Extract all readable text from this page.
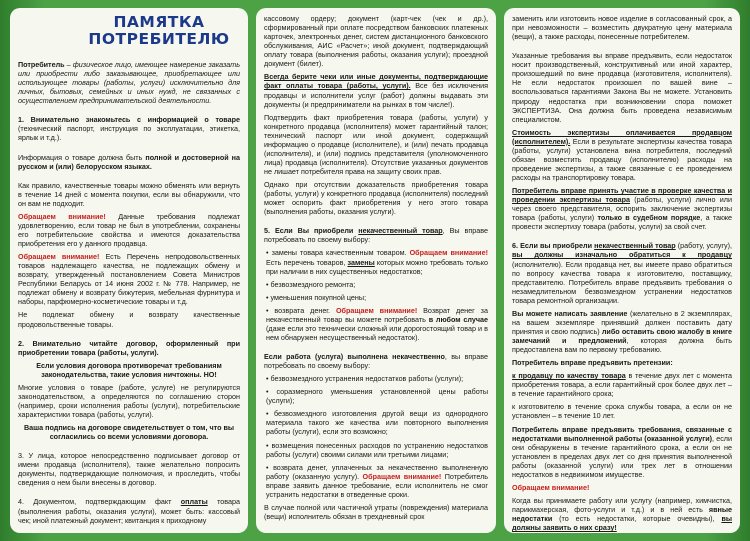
ПАМЯТКА
ПОТРЕБИТЕЛЮ

Потребитель – физическое лицо, имеющее намерение заказать или приобрести либо заказывающее, приобретающее или использующее товары (работы, услуги) исключительно для личных, бытовых, семейных и иных нужд, не связанных с осуществлением предпринимательской деятельности.

1. Внимательно знакомьтесь с информацией о товаре (технический паспорт, инструкция по эксплуатации, этикетка, ярлык и т.д.).

Информация о товаре должна быть полной и достоверной на русском и (или) белорусском языках.

Как правило, качественные товары можно обменять или вернуть в течение 14 дней с момента покупки, если вы обнаружили, что он вам не подходит.

Обращаем внимание! Данные требования подлежат удовлетворению, если товар не был в употреблении, сохранены его потребительские свойства и имеются доказательства приобретения его у данного продавца.

Обращаем внимание! Есть Перечень непродовольственных товаров надлежащего качества, не подлежащих обмену и возврату, утвержденный постановлением Совета Министров Республики Беларусь от 14 июня 2002 г. № 778. Например, не подлежат обмену и возврату бижутерия, мебельная фурнитура и наборы, парфюмерно-косметические товары и т.д.

Не подлежат обмену и возврату качественные продовольственные товары.

2. Внимательно читайте договор, оформленный при приобретении товара (работы, услуги).

Если условия договора противоречат требованиям законодательства, такие условия ничтожны. НО!

Многие условия о товаре (работе, услуге) не регулируются законодательством, а определяются по соглашению сторон (например, сроки исполнения работы (услуги), потребительские характеристики товара (работы, услуги).

Ваша подпись на договоре свидетельствует о том, что вы согласились со всеми условиями договора.

3. У лица, которое непосредственно подписывает договор от имени продавца (исполнителя), также желательно попросить документы, подтверждающие полномочия, и проследить, чтобы сведения о нем были внесены в договор.

4. Документом, подтверждающим факт оплаты товара (выполнения работы, оказания услуги), может быть: кассовый чек; иной платежный документ; квитанция к приходному

кассовому ордеру; документ (карт-чек (чек и др.), сформированный при оплате посредством банковских платежных карточек, электронных денег, систем дистанционного банковского обслуживания, АИС «Расчет»; иной документ, подтверждающий оплату товара (выполнения работы, оказания услуги); проездной документ (билет).

Всегда берите чеки или иные документы, подтверждающие факт оплаты товара (работы, услуги). Все без исключения продавцы и исполнители услуг (работ) должны выдавать эти документы (и предприниматели на рынках в том числе!).

Подтвердить факт приобретения товара (работы, услуги) у конкретного продавца (исполнителя) может гарантийный талон; технический паспорт или иной документ, содержащий информацию о продавце (исполнителе), и (или) печать продавца (исполнителя), и (или) подпись представителя (уполномоченного лица) продавца (исполнителя). Отсутствие указанных документов не лишает потребителя права на защиту своих прав.

Однако при отсутствии доказательств приобретения товара (работы, услуги) у конкретного продавца (исполнителя) последний может оспорить факт приобретения у него этого товара (выполнения работы, оказания услуги).

5. Если Вы приобрели некачественный товар, Вы вправе потребовать по своему выбору:

• замены товара качественным товаром. Обращаем внимание! Есть перечень товаров, замены которых можно требовать только при наличии в них существенных недостатков;

• безвозмездного ремонта;

• уменьшения покупной цены;

• возврата денег. Обращаем внимание! Возврат денег за некачественный товар вы можете потребовать в любом случае (даже если это технически сложный или дорогостоящий товар и в нем обнаружен несущественный недостаток).

Если работа (услуга) выполнена некачественно, вы вправе потребовать по своему выбору:

• безвозмездного устранения недостатков работы (услуги);

• соразмерного уменьшения установленной цены работы (услуги);

• безвозмездного изготовления другой вещи из однородного материала такого же качества или повторного выполнения работы (услуги), если это возможно;

• возмещения понесенных расходов по устранению недостатков работы (услуги) своими силами или третьими лицами;

• возврата денег, уплаченных за некачественно выполненную работу (оказанную услугу). Обращаем внимание! Потребитель вправе заявить данное требование, если исполнитель не смог устранить недостатки в отведенные сроки.

В случае полной или частичной утраты (повреждения) материала (вещи) исполнитель обязан в трехдневный срок

заменить или изготовить новое изделие в согласованный срок, а при невозможности – возместить двукратную цену материала (вещи), а также расходы, понесенные потребителем.

Указанные требования вы вправе предъявить, если недостаток носит производственный, конструктивный или иной характер, произошедший по вине продавца (изготовителя, исполнителя). Не если недостаток произошел по вашей вине – воспользоваться гарантиями Закона Вы не можете. Установить природу недостатка при возникновении спора поможет ЭКСПЕРТИЗА. Она должна быть проведена независимым специалистом.

Стоимость экспертизы оплачивается продавцом (исполнителем). Если в результате экспертизы качества товара (работы, услуги) установлена вина потребителя, последний обязан возместить продавцу (исполнителю) расходы на проведение экспертизы, а также связанные с ее проведением расходы на транспортировку товара.

Потребитель вправе принять участие в проверке качества и проведении экспертизы товара (работы, услуги) лично или через своего представителя, оспорить заключение экспертизы товара (работы, услуги) только в судебном порядке, а также провести экспертизу товара (работы, услуги) за свой счет.

6. Если вы приобрели некачественный товар (работу, услугу), вы должны изначально обратиться к продавцу (исполнителю). Если продавца нет, вы имеете право обратиться по вопросу качества товара к изготовителю, поставщику, представителю. Потребитель вправе предъявить требования о незамедлительном безвозмездном устранении недостатков товара ремонтной организации.

Вы можете написать заявление (желательно в 2 экземплярах, на вашем экземпляре принявший должен поставить дату принятия и свою подпись) либо оставить свою жалобу в книге замечаний и предложений, которая должна быть предоставлена вам по первому требованию.

Потребитель вправе предъявить претензии:

к продавцу по качеству товара в течение двух лет с момента приобретения товара, а если гарантийный срок более двух лет – в течение гарантийного срока;

к изготовителю в течение срока службы товара, а если он не установлен – в течение 10 лет.

Потребитель вправе предъявить требования, связанные с недостатками выполненной работы (оказанной услуги), если они обнаружены в течение гарантийного срока, а если он не установлен в пределах двух лет со дня принятия выполненной работы (оказанной услуги) или трех лет в отношении недостатков в недвижимом имуществе.

Обращаем внимание!

Когда вы принимаете работу или услугу (например, химчистка, парикмахерская, фото-услуги и т.д.) и в ней есть явные недостатки (то есть недостатки, которые очевидны), вы должны заявить о них сразу!
